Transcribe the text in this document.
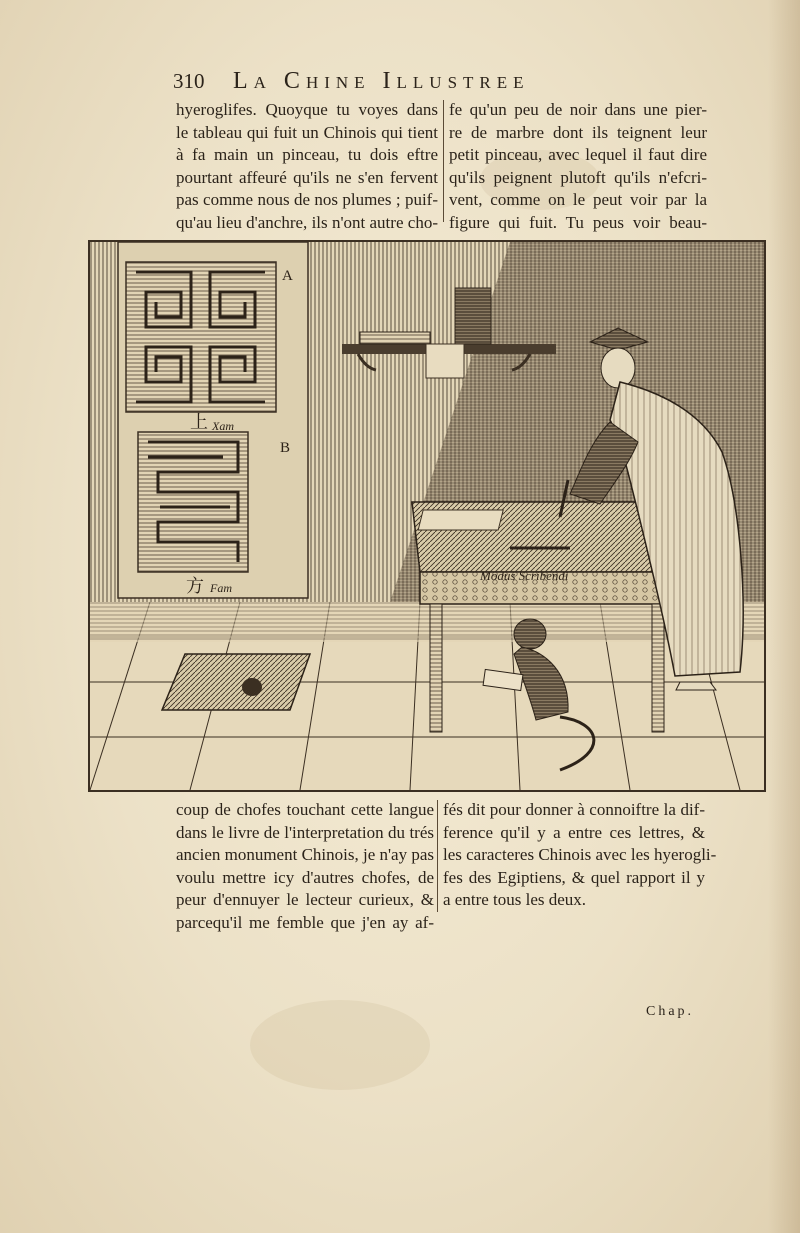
310	La Chine Illustree
hyeroglifes. Quoyque tu voyes dans
le tableau qui fuit un Chinois qui tient
à fa main un pinceau, tu dois eftre
pourtant affeuré qu'ils ne s'en fervent
pas comme nous de nos plumes ; puif-
qu'au lieu d'anchre, ils n'ont autre cho-
fe qu'un peu de noir dans une pier-
re de marbre dont ils teignent leur
petit pinceau, avec lequel il faut dire
qu'ils peignent plutoft qu'ils n'efcri-
vent, comme on le peut voir par la
figure qui fuit. Tu peus voir beau-
A
B
上 Xam
方 Fam
Modus Scribendi
coup de chofes touchant cette langue
dans le livre de l'interpretation du trés
ancien monument Chinois, je n'ay pas
voulu mettre icy d'autres chofes, de
peur d'ennuyer le lecteur curieux, &
parcequ'il me femble que j'en ay af-
fés dit pour donner à connoiftre la dif-
ference qu'il y a entre ces lettres, &
les caracteres Chinois avec les hyerogli-
fes des Egiptiens, & quel rapport il y
a entre tous les deux.
Chap.
